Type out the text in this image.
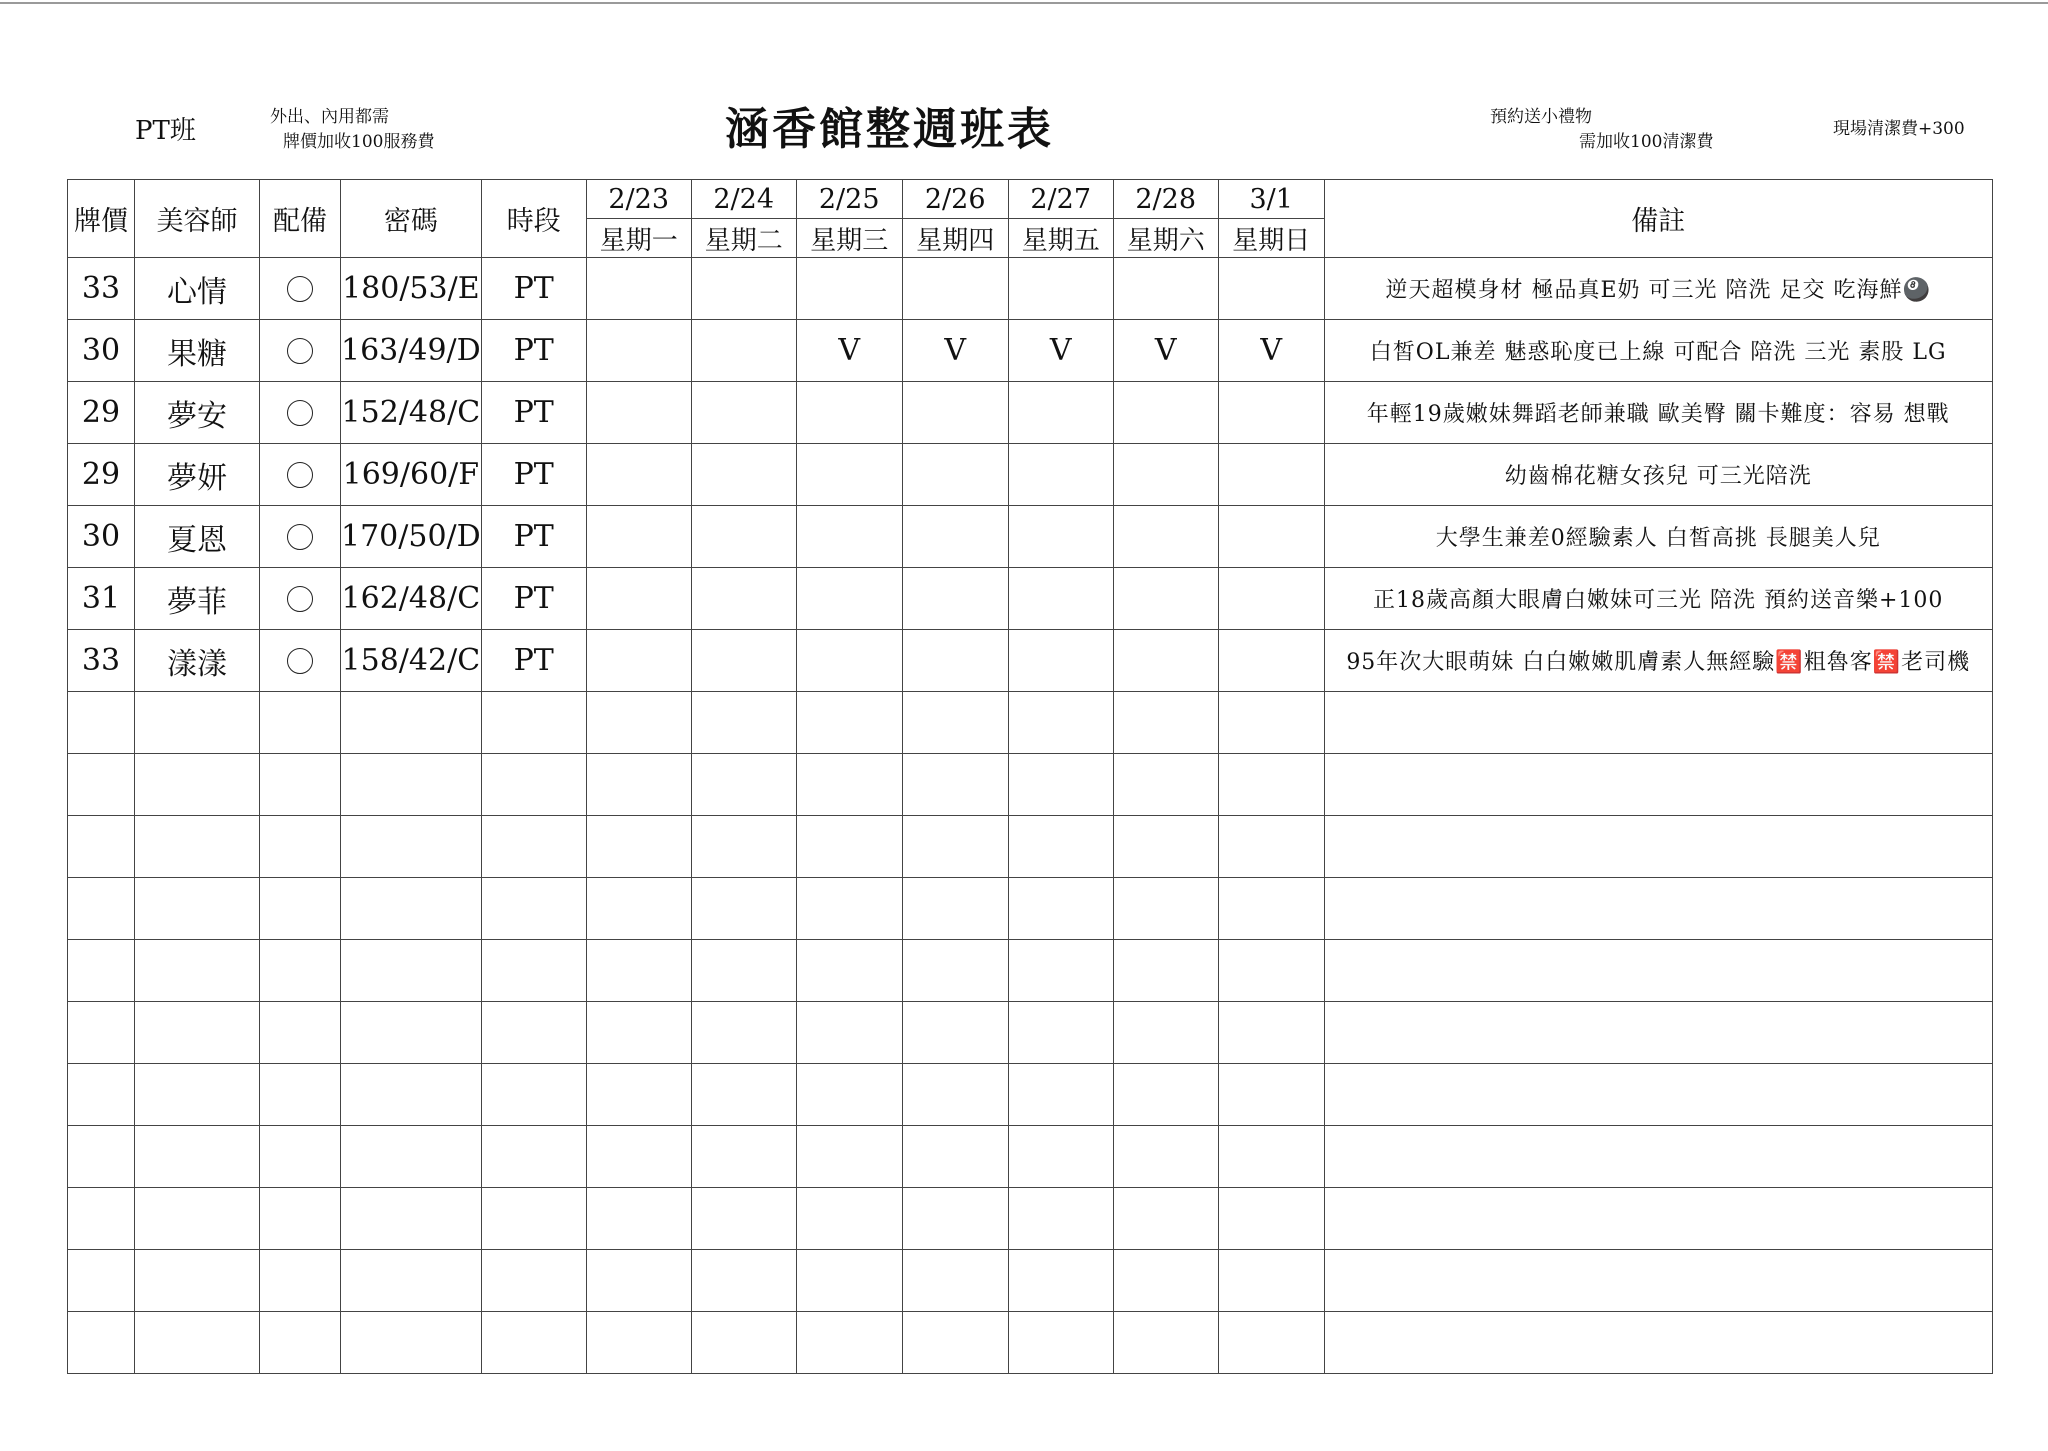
PT班	外出、內用都需
牌價加收100服務費	涵香館整週班表	預約送小禮物
需加收100清潔費
現場清潔費+300
牌價	美容師	配備	密碼	時段	2/23	2/24	2/25	2/26	2/27	2/28	3/1	備註
					星期一	星期二	星期三	星期四	星期五	星期六	星期日	
33	心情		180/53/E	PT								逆天超模身材 極品真E奶 可三光 陪洗 足交 吃海鮮🎱
30	果糖		163/49/D	PT			V	V	V	V	V	白皙OL兼差 魅惑恥度已上線 可配合 陪洗 三光 素股 LG
29	夢安		152/48/C	PT								年輕19歲嫩妹舞蹈老師兼職 歐美臀 關卡難度：容易 想戰
29	夢妍		169/60/F	PT								幼齒棉花糖女孩兒 可三光陪洗
30	夏恩		170/50/D	PT								大學生兼差0經驗素人 白皙高挑 長腿美人兒
31	夢菲		162/48/C	PT								正18歲高顏大眼膚白嫩妹可三光 陪洗 預約送音樂+100
33	漾漾		158/42/C	PT								95年次大眼萌妹 白白嫩嫩肌膚素人無經驗🈲粗魯客🈲老司機
